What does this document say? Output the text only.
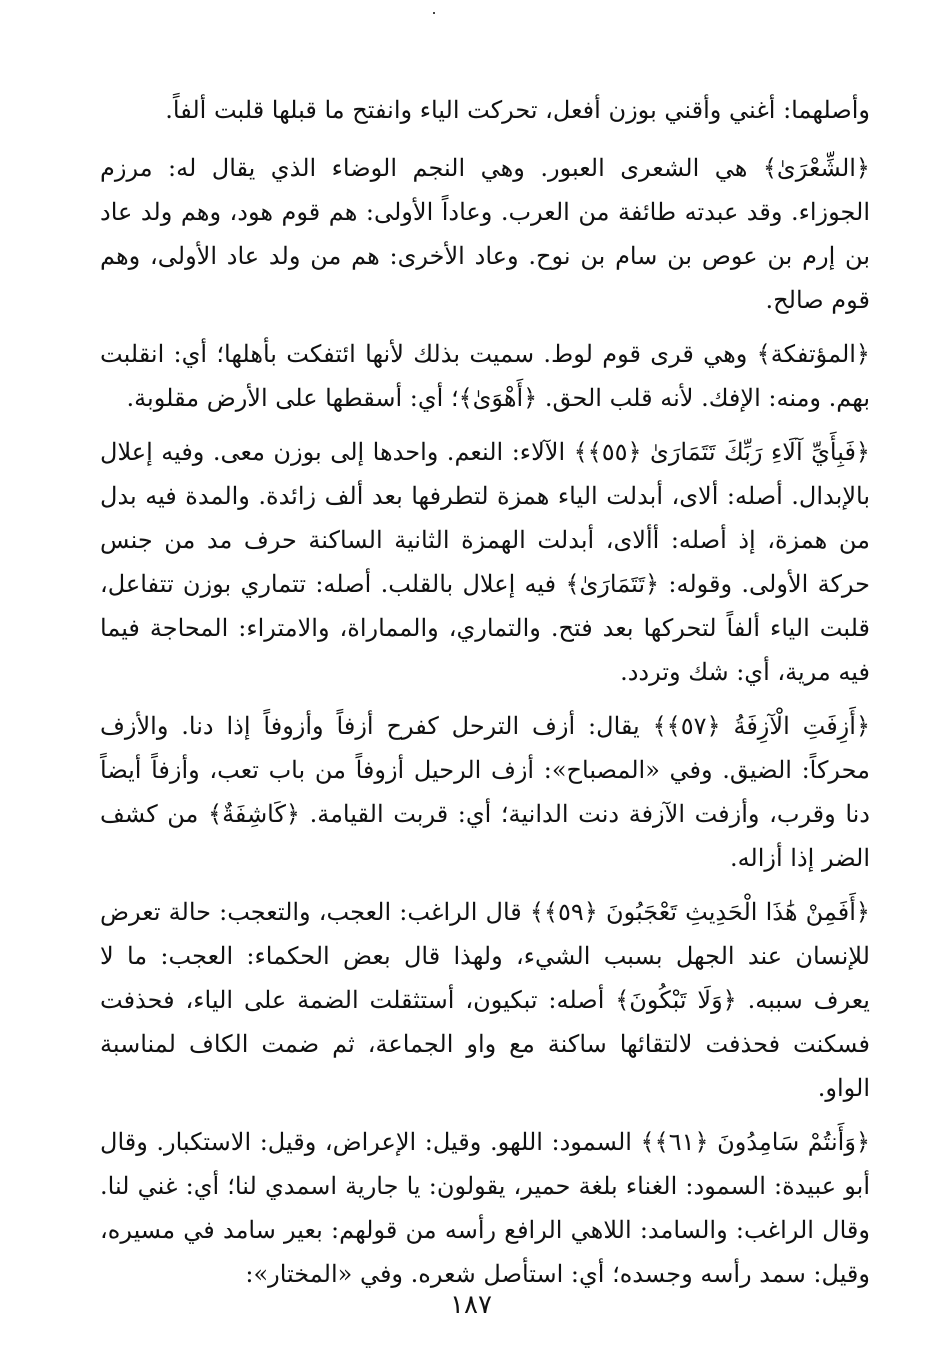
وأصلهما: أغني وأقني بوزن أفعل، تحركت الياء وانفتح ما قبلها قلبت ألفاً.

﴿الشِّعْرَىٰ﴾ هي الشعرى العبور. وهي النجم الوضاء الذي يقال له: مرزم الجوزاء. وقد عبدته طائفة من العرب. وعاداً الأولى: هم قوم هود، وهم ولد عاد بن إرم بن عوص بن سام بن نوح. وعاد الأخرى: هم من ولد عاد الأولى، وهم قوم صالح.

﴿المؤتفكة﴾ وهي قرى قوم لوط. سميت بذلك لأنها ائتفكت بأهلها؛ أي: انقلبت بهم. ومنه: الإفك. لأنه قلب الحق. ﴿أَهْوَىٰ﴾؛ أي: أسقطها على الأرض مقلوبة.

﴿فَبِأَيِّ آلَاءِ رَبِّكَ تَتَمَارَىٰ ﴿٥٥﴾﴾ الآلاء: النعم. واحدها إلى بوزن معى. وفيه إعلال بالإبدال. أصله: ألاى، أبدلت الياء همزة لتطرفها بعد ألف زائدة. والمدة فيه بدل من همزة، إذ أصله: أألاى، أبدلت الهمزة الثانية الساكنة حرف مد من جنس حركة الأولى. وقوله: ﴿تَتَمَارَىٰ﴾ فيه إعلال بالقلب. أصله: تتماري بوزن تتفاعل، قلبت الياء ألفاً لتحركها بعد فتح. والتماري، والمماراة، والامتراء: المحاجة فيما فيه مرية، أي: شك وتردد.

﴿أَزِفَتِ الْآزِفَةُ ﴿٥٧﴾﴾ يقال: أزف الترحل كفرح أزفاً وأزوفاً إذا دنا. والأزف محركاً: الضيق. وفي «المصباح»: أزف الرحيل أزوفاً من باب تعب، وأزفاً أيضاً دنا وقرب، وأزفت الآزفة دنت الدانية؛ أي: قربت القيامة. ﴿كَاشِفَةٌ﴾ من كشف الضر إذا أزاله.

﴿أَفَمِنْ هَٰذَا الْحَدِيثِ تَعْجَبُونَ ﴿٥٩﴾﴾ قال الراغب: العجب، والتعجب: حالة تعرض للإنسان عند الجهل بسبب الشيء، ولهذا قال بعض الحكماء: العجب: ما لا يعرف سببه. ﴿وَلَا تَبْكُونَ﴾ أصله: تبكيون، أستثقلت الضمة على الياء، فحذفت فسكنت فحذفت لالتقائها ساكنة مع واو الجماعة، ثم ضمت الكاف لمناسبة الواو.

﴿وَأَنتُمْ سَامِدُونَ ﴿٦١﴾﴾ السمود: اللهو. وقيل: الإعراض، وقيل: الاستكبار. وقال أبو عبيدة: السمود: الغناء بلغة حمير، يقولون: يا جارية اسمدي لنا؛ أي: غني لنا. وقال الراغب: والسامد: اللاهي الرافع رأسه من قولهم: بعير سامد في مسيره، وقيل: سمد رأسه وجسده؛ أي: استأصل شعره. وفي «المختار»:

١٨٧
